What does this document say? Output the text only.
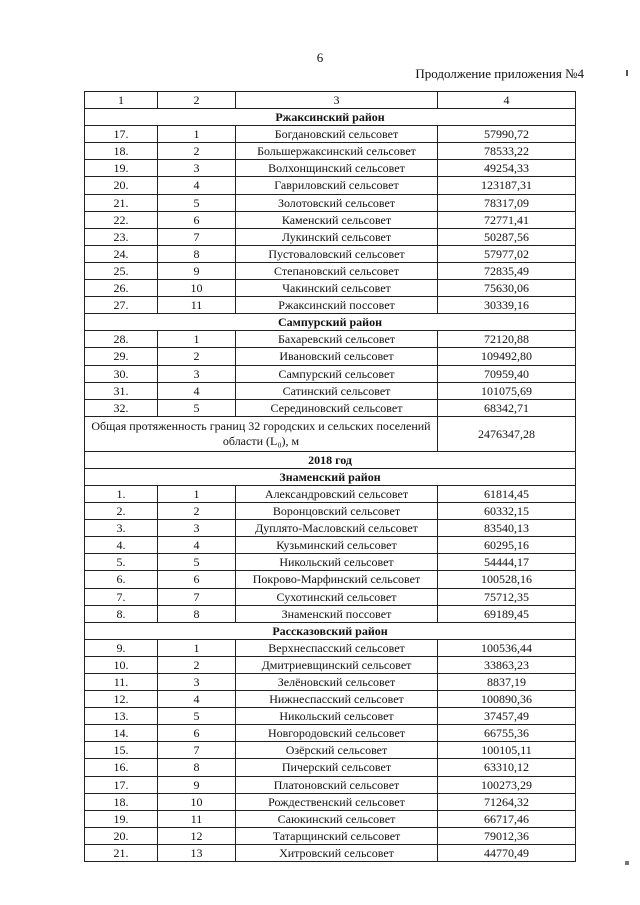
6
Продолжение приложения №4
1	2	3	4
Ржаксинский район			
17.	1	Богдановский сельсовет	57990,72
18.	2	Большержаксинский сельсовет	78533,22
19.	3	Волхонщинский сельсовет	49254,33
20.	4	Гавриловский сельсовет	123187,31
21.	5	Золотовский сельсовет	78317,09
22.	6	Каменский сельсовет	72771,41
23.	7	Лукинский сельсовет	50287,56
24.	8	Пустоваловский сельсовет	57977,02
25.	9	Степановский сельсовет	72835,49
26.	10	Чакинский сельсовет	75630,06
27.	11	Ржаксинский поссовет	30339,16
Сампурский район			
28.	1	Бахаревский сельсовет	72120,88
29.	2	Ивановский сельсовет	109492,80
30.	3	Сампурский сельсовет	70959,40
31.	4	Сатинский сельсовет	101075,69
32.	5	Серединовский сельсовет	68342,71
Общая протяженность границ 32 городских и сельских поселений области (L₀), м			2476347,28
2018 год			
Знаменский район			
1.	1	Александровский сельсовет	61814,45
2.	2	Воронцовский сельсовет	60332,15
3.	3	Дуплято-Масловский сельсовет	83540,13
4.	4	Кузьминский сельсовет	60295,16
5.	5	Никольский сельсовет	54444,17
6.	6	Покрово-Марфинский сельсовет	100528,16
7.	7	Сухотинский сельсовет	75712,35
8.	8	Знаменский поссовет	69189,45
Рассказовский район			
9.	1	Верхнеспасский сельсовет	100536,44
10.	2	Дмитриевщинский сельсовет	33863,23
11.	3	Зелёновский сельсовет	8837,19
12.	4	Нижнеспасский сельсовет	100890,36
13.	5	Никольский сельсовет	37457,49
14.	6	Новгородовский сельсовет	66755,36
15.	7	Озёрский сельсовет	100105,11
16.	8	Пичерский сельсовет	63310,12
17.	9	Платоновский сельсовет	100273,29
18.	10	Рождественский сельсовет	71264,32
19.	11	Саюкинский сельсовет	66717,46
20.	12	Татарщинский сельсовет	79012,36
21.	13	Хитровский сельсовет	44770,49
